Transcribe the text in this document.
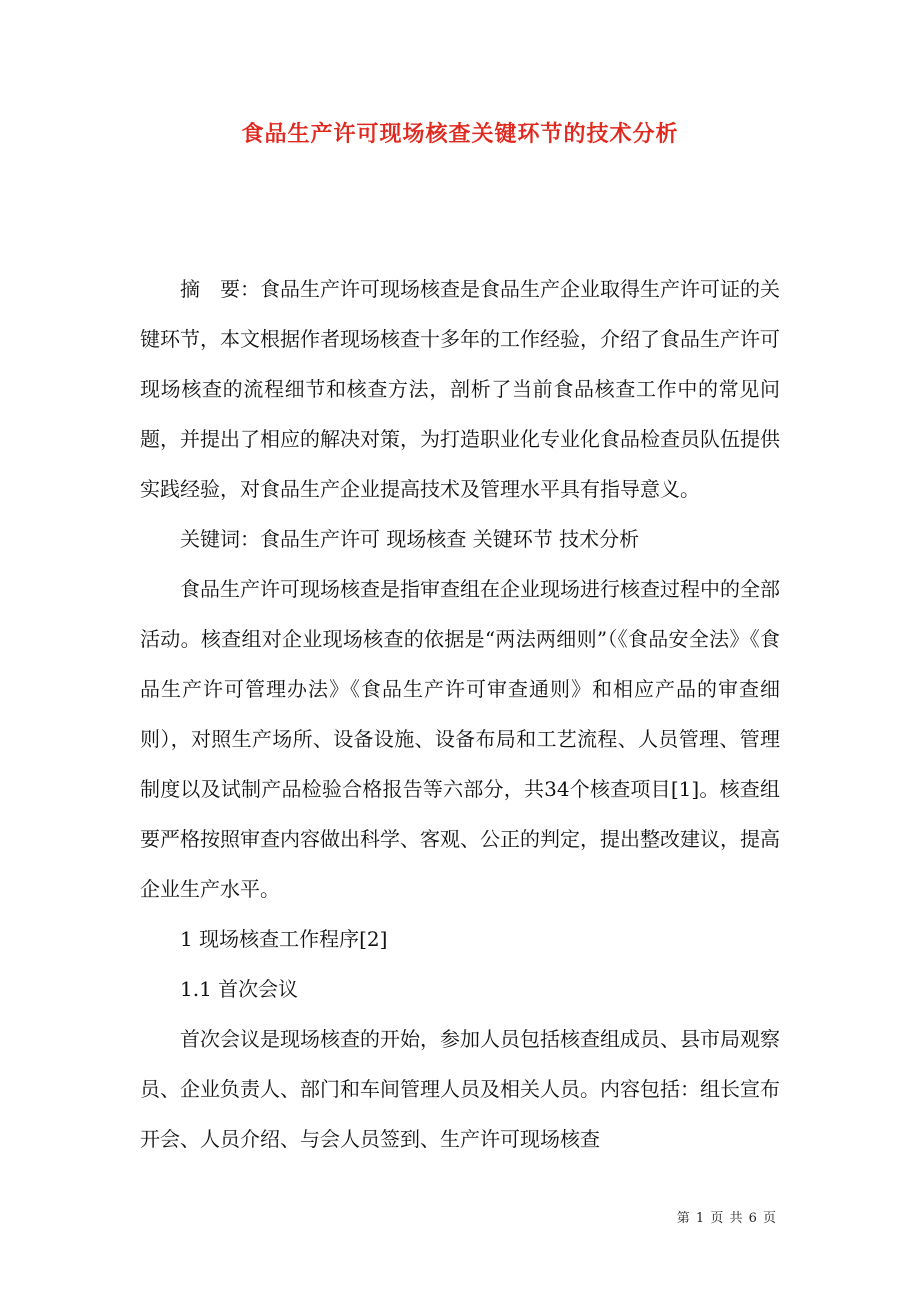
食品生产许可现场核查关键环节的技术分析

摘　要：食品生产许可现场核查是食品生产企业取得生产许可证的关键环节，本文根据作者现场核查十多年的工作经验，介绍了食品生产许可现场核查的流程细节和核查方法，剖析了当前食品核查工作中的常见问题，并提出了相应的解决对策，为打造职业化专业化食品检查员队伍提供实践经验，对食品生产企业提高技术及管理水平具有指导意义。

关键词：食品生产许可 现场核查 关键环节 技术分析

食品生产许可现场核查是指审查组在企业现场进行核查过程中的全部活动。核查组对企业现场核查的依据是“两法两细则”（《食品安全法》《食品生产许可管理办法》《食品生产许可审查通则》和相应产品的审查细则），对照生产场所、设备设施、设备布局和工艺流程、人员管理、管理制度以及试制产品检验合格报告等六部分，共34个核查项目[1]。核查组要严格按照审查内容做出科学、客观、公正的判定，提出整改建议，提高企业生产水平。

1 现场核查工作程序[2]

1.1 首次会议

首次会议是现场核查的开始，参加人员包括核查组成员、县市局观察员、企业负责人、部门和车间管理人员及相关人员。内容包括：组长宣布开会、人员介绍、与会人员签到、生产许可现场核查

第 1 页 共 6 页
